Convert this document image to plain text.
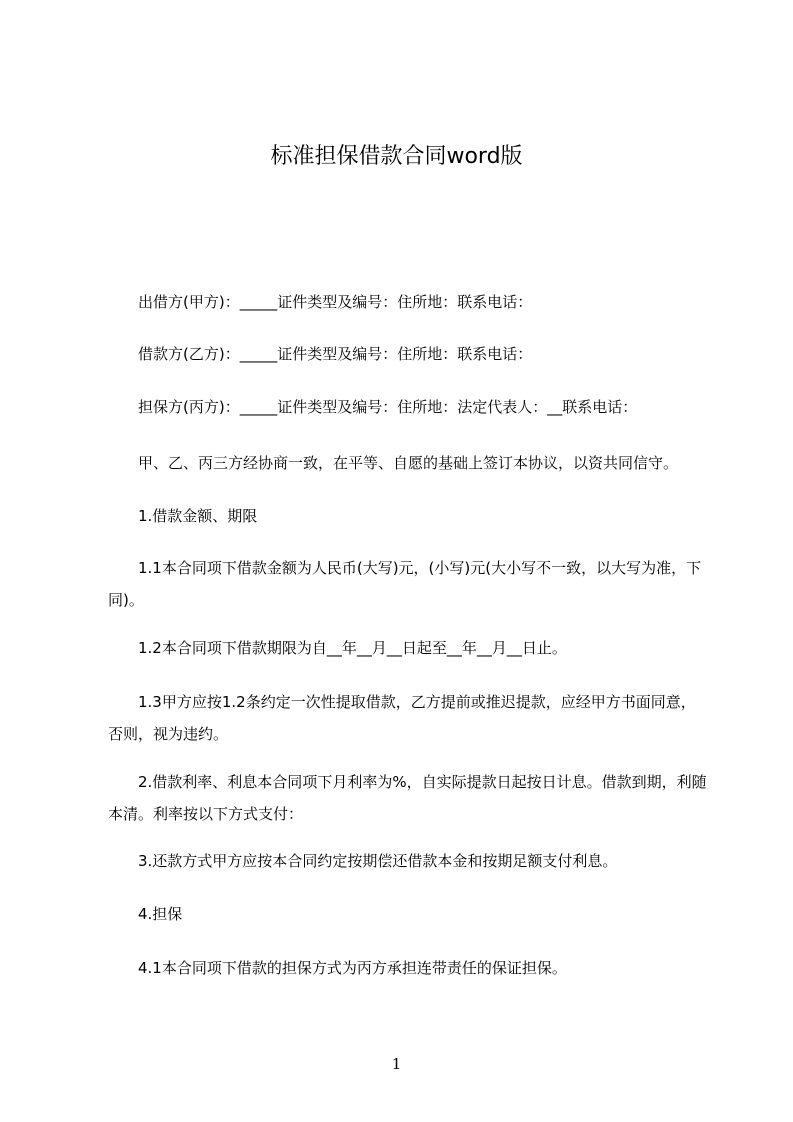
标准担保借款合同word版

出借方(甲方)：_____证件类型及编号：住所地：联系电话：

借款方(乙方)：_____证件类型及编号：住所地：联系电话：

担保方(丙方)：_____证件类型及编号：住所地：法定代表人：__联系电话：

甲、乙、丙三方经协商一致，在平等、自愿的基础上签订本协议，以资共同信守。

1.借款金额、期限

1.1本合同项下借款金额为人民币(大写)元，(小写)元(大小写不一致，以大写为准，下同)。

1.2本合同项下借款期限为自__年__月__日起至__年__月__日止。

1.3甲方应按1.2条约定一次性提取借款，乙方提前或推迟提款，应经甲方书面同意，否则，视为违约。

2.借款利率、利息本合同项下月利率为%，自实际提款日起按日计息。借款到期，利随本清。利率按以下方式支付：

3.还款方式甲方应按本合同约定按期偿还借款本金和按期足额支付利息。

4.担保

4.1本合同项下借款的担保方式为丙方承担连带责任的保证担保。

1
